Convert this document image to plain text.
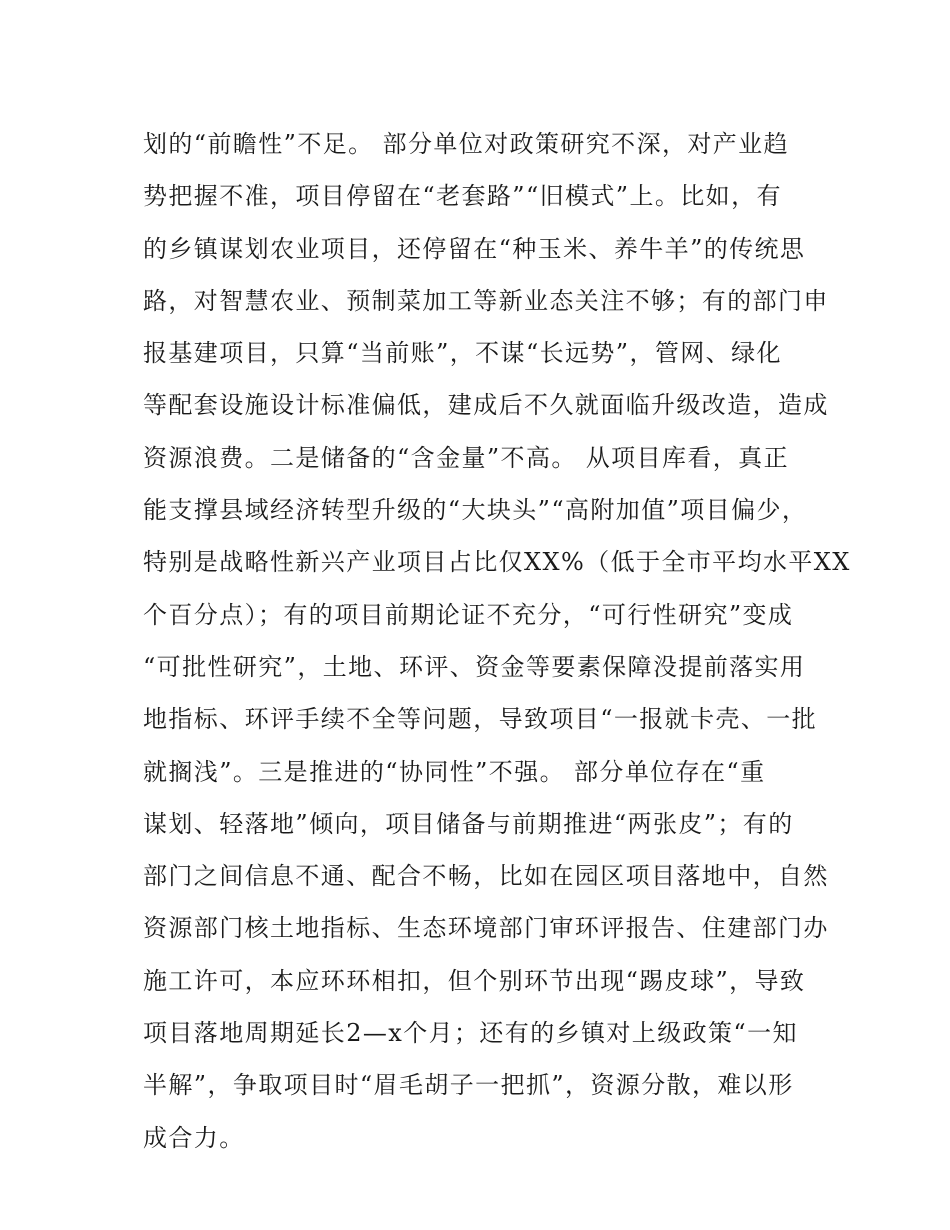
划的“前瞻性”不足。 部分单位对政策研究不深，对产业趋
势把握不准，项目停留在“老套路”“旧模式”上。比如，有
的乡镇谋划农业项目，还停留在“种玉米、养牛羊”的传统思
路，对智慧农业、预制菜加工等新业态关注不够；有的部门申
报基建项目，只算“当前账”，不谋“长远势”，管网、绿化
等配套设施设计标准偏低，建成后不久就面临升级改造，造成
资源浪费。二是储备的“含金量”不高。 从项目库看，真正
能支撑县域经济转型升级的“大块头”“高附加值”项目偏少，
特别是战略性新兴产业项目占比仅XX%（低于全市平均水平XX
个百分点）；有的项目前期论证不充分，“可行性研究”变成
“可批性研究”，土地、环评、资金等要素保障没提前落实用
地指标、环评手续不全等问题，导致项目“一报就卡壳、一批
就搁浅”。三是推进的“协同性”不强。 部分单位存在“重
谋划、轻落地”倾向，项目储备与前期推进“两张皮”；有的
部门之间信息不通、配合不畅，比如在园区项目落地中，自然
资源部门核土地指标、生态环境部门审环评报告、住建部门办
施工许可，本应环环相扣，但个别环节出现“踢皮球”，导致
项目落地周期延长2—x个月；还有的乡镇对上级政策“一知
半解”，争取项目时“眉毛胡子一把抓”，资源分散，难以形
成合力。
